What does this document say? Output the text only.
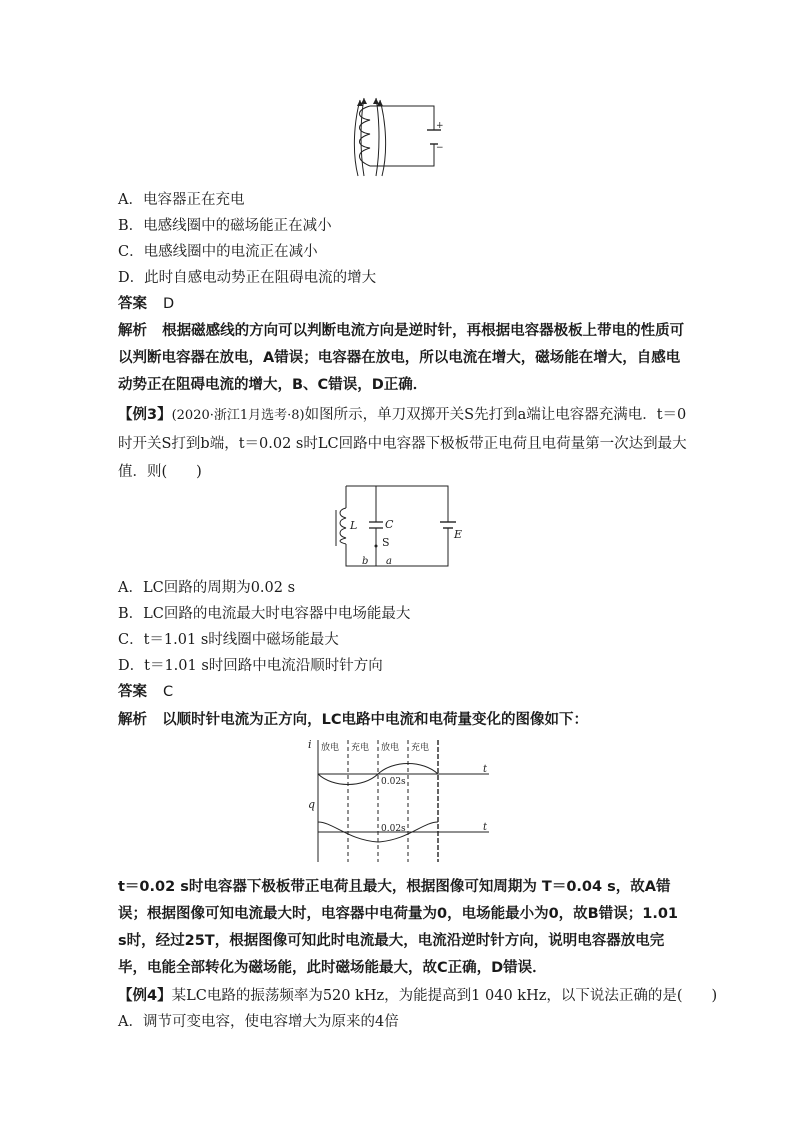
+
−
A．电容器正在充电
B．电感线圈中的磁场能正在减小
C．电感线圈中的电流正在减小
D．此时自感电动势正在阻碍电流的增大
答案 D
解析 根据磁感线的方向可以判断电流方向是逆时针，再根据电容器极板上带电的性质可以判断电容器在放电，A错误；电容器在放电，所以电流在增大，磁场能在增大，自感电动势正在阻碍电流的增大，B、C错误，D正确．
【例3】(2020·浙江1月选考·8)如图所示，单刀双掷开关S先打到a端让电容器充满电．t＝0时开关S打到b端，t＝0.02 s时LC回路中电容器下极板带正电荷且电荷量第一次达到最大值．则(　　)
L	C
S
E
b a
A．LC回路的周期为0.02 s
B．LC回路的电流最大时电容器中电场能最大
C．t＝1.01 s时线圈中磁场能最大
D．t＝1.01 s时回路中电流沿顺时针方向
答案 C
解析 以顺时针电流为正方向，LC电路中电流和电荷量变化的图像如下：
i
q
t
t
放电 充电 放电 充电
0.02s
0.02s
t＝0.02 s时电容器下极板带正电荷且最大，根据图像可知周期为 T＝0.04 s，故A错误；根据图像可知电流最大时，电容器中电荷量为0，电场能最小为0，故B错误；1.01 s时，经过25T，根据图像可知此时电流最大，电流沿逆时针方向，说明电容器放电完毕，电能全部转化为磁场能，此时磁场能最大，故C正确，D错误．
【例4】某LC电路的振荡频率为520 kHz，为能提高到1 040 kHz，以下说法正确的是(　　)
A．调节可变电容，使电容增大为原来的4倍
